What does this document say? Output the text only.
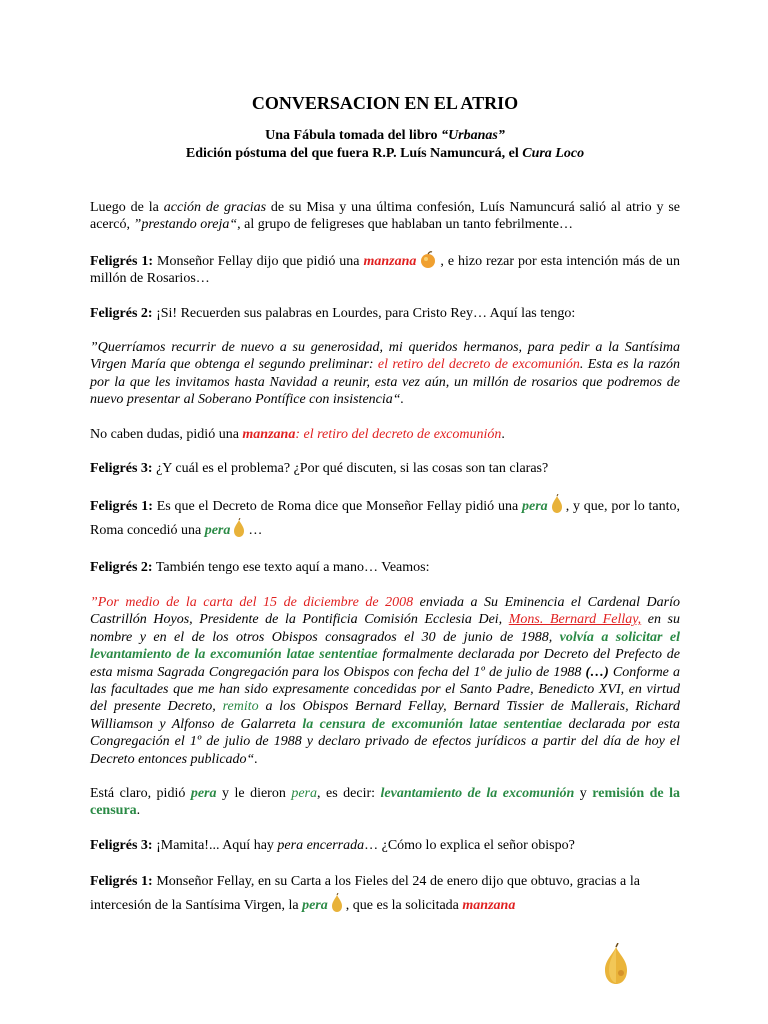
CONVERSACION EN EL ATRIO

Una Fábula tomada del libro “Urbanas”

Edición póstuma del que fuera R.P. Luís Namuncurá, el Cura Loco

Luego de la acción de gracias de su Misa y una última confesión, Luís Namuncurá salió al atrio y se acercó, ”prestando oreja“, al grupo de feligreses que hablaban un tanto febrilmente…

Feligrés 1: Monseñor Fellay dijo que pidió una manzana , e hizo rezar por esta intención más de un millón de Rosarios…

Feligrés 2: ¡Si! Recuerden sus palabras en Lourdes, para Cristo Rey… Aquí las tengo:

”Querríamos recurrir de nuevo a su generosidad, mi queridos hermanos, para pedir a la Santísima Virgen María que obtenga el segundo preliminar: el retiro del decreto de excomunión. Esta es la razón por la que les invitamos hasta Navidad a reunir, esta vez aún, un millón de rosarios que podremos de nuevo presentar al Soberano Pontífice con insistencia“.

No caben dudas, pidió una manzana: el retiro del decreto de excomunión.

Feligrés 3: ¿Y cuál es el problema? ¿Por qué discuten, si las cosas son tan claras?

Feligrés 1: Es que el Decreto de Roma dice que Monseñor Fellay pidió una pera , y que, por lo tanto, Roma concedió una pera …

Feligrés 2: También tengo ese texto aquí a mano… Veamos:

”Por medio de la carta del 15 de diciembre de 2008 enviada a Su Eminencia el Cardenal Darío Castrillón Hoyos, Presidente de la Pontificia Comisión Ecclesia Dei, Mons. Bernard Fellay, en su nombre y en el de los otros Obispos consagrados el 30 de junio de 1988, volvía a solicitar el levantamiento de la excomunión latae sententiae formalmente declarada por Decreto del Prefecto de esta misma Sagrada Congregación para los Obispos con fecha del 1º de julio de 1988 (…) Conforme a las facultades que me han sido expresamente concedidas por el Santo Padre, Benedicto XVI, en virtud del presente Decreto, remito a los Obispos Bernard Fellay, Bernard Tissier de Mallerais, Richard Williamson y Alfonso de Galarreta la censura de excomunión latae sententiae declarada por esta Congregación el 1º de julio de 1988 y declaro privado de efectos jurídicos a partir del día de hoy el Decreto entonces publicado“.

Está claro, pidió pera y le dieron pera, es decir: levantamiento de la excomunión y remisión de la censura.

Feligrés 3: ¡Mamita!... Aquí hay pera encerrada… ¿Cómo lo explica el señor obispo?

Feligrés 1: Monseñor Fellay, en su Carta a los Fieles del 24 de enero dijo que obtuvo, gracias a la intercesión de la Santísima Virgen, la pera , que es la solicitada manzana
